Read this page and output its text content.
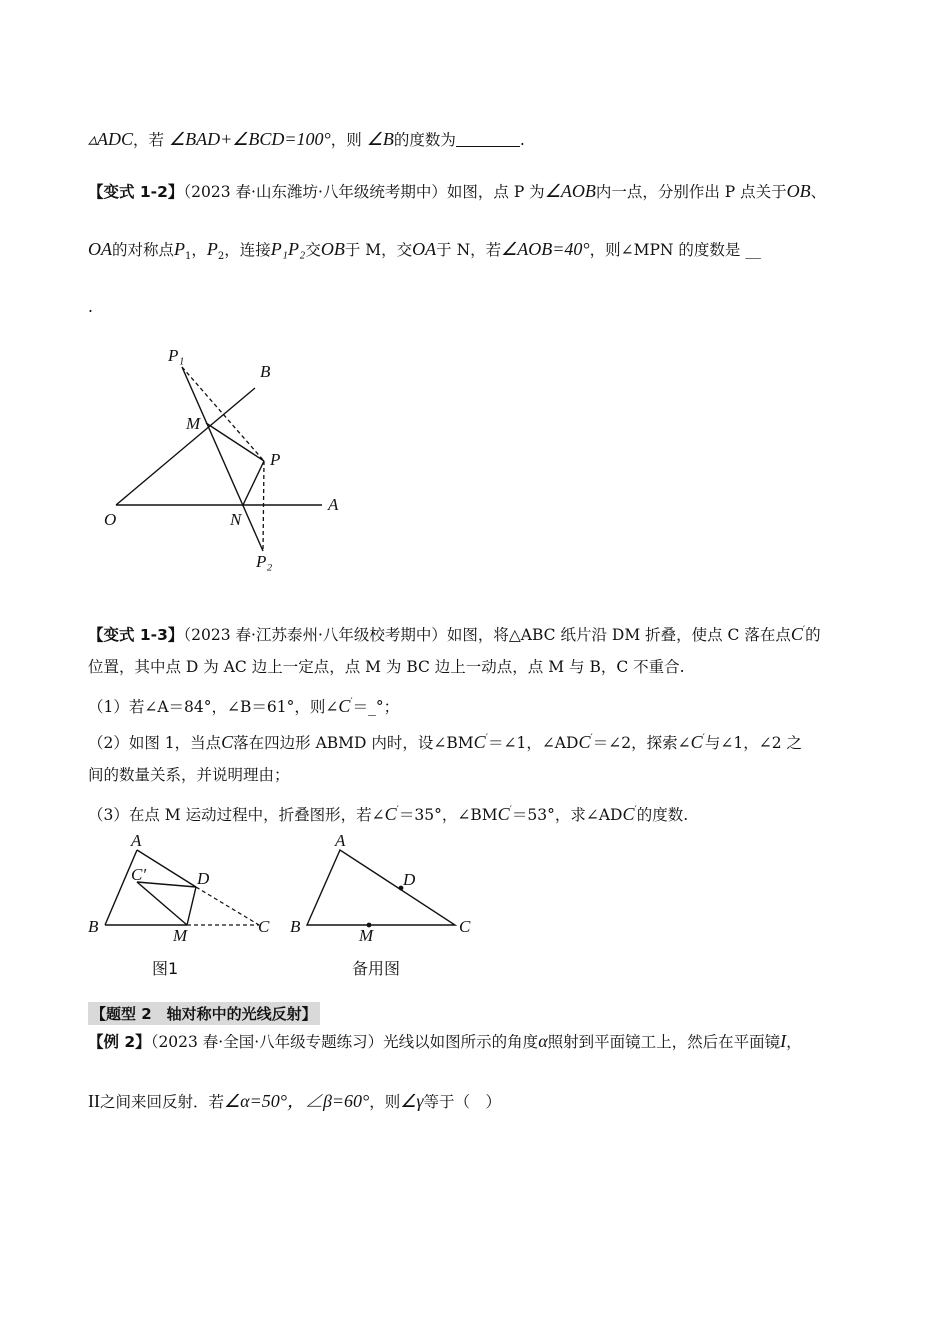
▵ADC，若 ∠BAD+∠BCD=100°，则 ∠B的度数为	.
【变式 1-2】（2023 春·山东潍坊·八年级统考期中）如图，点 P 为∠AOB内一点，分别作出 P 点关于OB、
OA的对称点$P_1$，$P_2$，连接P₁P₂交OB于 M，交OA于 N，若∠AOB=40°，则∠MPN 的度数是 __
.
P₁
B
M
P
O	N
A
P₂
【变式 1-3】（2023 春·江苏泰州·八年级校考期中）如图，将△ABC 纸片沿 DM 折叠，使点 C 落在点C′的
位置，其中点 D 为 AC 边上一定点，点 M 为 BC 边上一动点，点 M 与 B，C 不重合.
（1）若∠A＝84°，∠B＝61°，则∠C′＝_°；
（2）如图 1，当点C落在四边形 ABMD 内时，设∠BMC′＝∠1，∠ADC′＝∠2，探索∠C′与∠1，∠2 之
间的数量关系，并说明理由；
（3）在点 M 运动过程中，折叠图形，若∠C′＝35°，∠BMC′＝53°，求∠ADC′的度数.
A
C′	D
B	M	C
A
D
B	M	C
图1	备用图
【题型 2　轴对称中的光线反射】
【例 2】（2023 春·全国·八年级专题练习）光线以如图所示的角度α照射到平面镜工上，然后在平面镜I，
II之间来回反射．若∠α=50°，∠β=60°，则∠γ等于（　）
